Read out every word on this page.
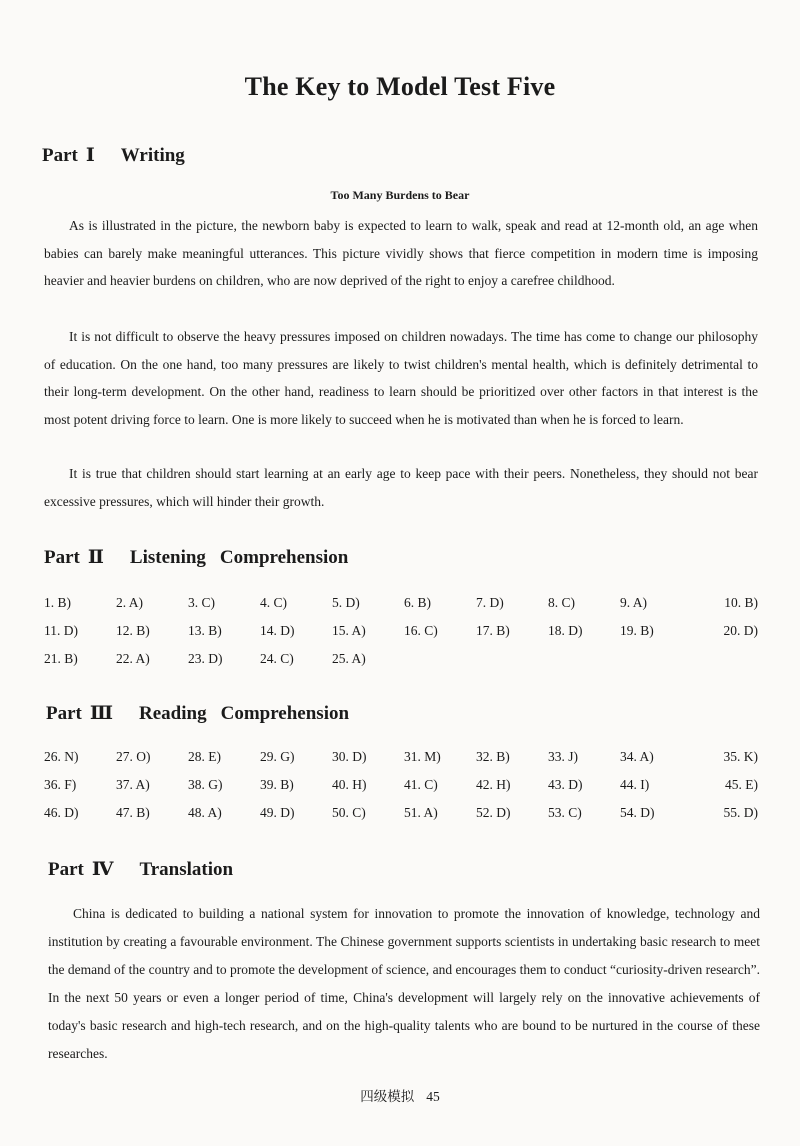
The Key to Model Test Five
Part Ⅰ Writing
Too Many Burdens to Bear

As is illustrated in the picture, the newborn baby is expected to learn to walk, speak and read at 12-month old, an age when babies can barely make meaningful utterances. This picture vividly shows that fierce competition in modern time is imposing heavier and heavier burdens on children, who are now deprived of the right to enjoy a carefree childhood.

It is not difficult to observe the heavy pressures imposed on children nowadays. The time has come to change our philosophy of education. On the one hand, too many pressures are likely to twist children's mental health, which is definitely detrimental to their long-term development. On the other hand, readiness to learn should be prioritized over other factors in that interest is the most potent driving force to learn. One is more likely to succeed when he is motivated than when he is forced to learn.

It is true that children should start learning at an early age to keep pace with their peers. Nonetheless, they should not bear excessive pressures, which will hinder their growth.

Part Ⅱ Listening Comprehension
1. B)	2. A)	3. C)	4. C)	5. D)	6. B)	7. D)	8. C)	9. A)	10. B)
11. D)	12. B)	13. B)	14. D)	15. A)	16. C)	17. B)	18. D)	19. B)	20. D)
21. B)	22. A)	23. D)	24. C)	25. A)
Part Ⅲ Reading Comprehension
26. N)	27. O)	28. E)	29. G)	30. D)	31. M)	32. B)	33. J)	34. A)	35. K)
36. F)	37. A)	38. G)	39. B)	40. H)	41. C)	42. H)	43. D)	44. I)	45. E)
46. D)	47. B)	48. A)	49. D)	50. C)	51. A)	52. D)	53. C)	54. D)	55. D)
Part Ⅳ Translation

China is dedicated to building a national system for innovation to promote the innovation of knowledge, technology and institution by creating a favourable environment. The Chinese government supports scientists in undertaking basic research to meet the demand of the country and to promote the development of science, and encourages them to conduct “curiosity-driven research”. In the next 50 years or even a longer period of time, China's development will largely rely on the innovative achievements of today's basic research and high-tech research, and on the high-quality talents who are bound to be nurtured in the course of these researches.

四级模拟 45
